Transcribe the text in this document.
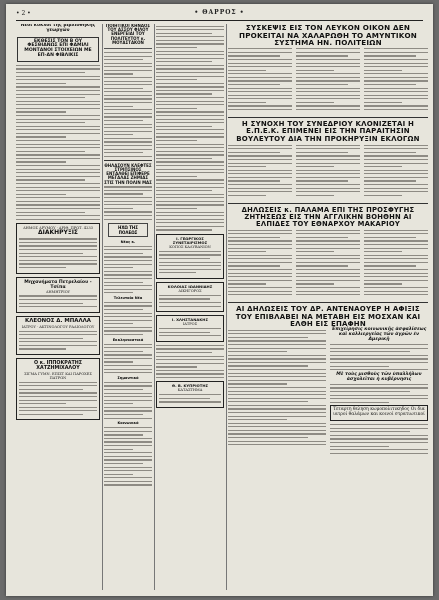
• 2 •	• ΘΑΡΡΟΣ •
Νέοι κύκλοι της βιβλιοθήκης γεωργών
ΕΚΘΕΣΙΣ ΤΟΝ Β ΟΥ ΦΕΣΘΙΑΝΩΣ ΕΠΙ ΦΑΜΙΛΙ ΜΟΝΤΑΝΟΙ ΣΤΟΙΧΕΙΩΝ ΜΕ ΕΠ-ΑΝ ΦΙΒΛΙΚΙΣ
ΔΗΜΟΣ ΔΡΥΜΟΥ · ΑΡΙΘ. ΠΡΩΤ. 4233
ΔΙΑΚΗΡΥΞΙΣ
Μηχανήματα Πετρελαίου - Τσίπα
ΔΗΜΗΤΡΙΟΥ
ΚΛΕΟΝΟΣ Δ. ΜΠΑΛΛΑ
ΙΑΤΡΟΥ · ΑΚΤΙΝΟΛΟΓΟΥ ΡΑΔΙΟΛΟΓΟΥ
Ο κ. ΙΠΠΟΚΡΑΤΗΣ ΧΑΤΖΗΜΙΧΑΛΟΥ
ΣΙΓΜΑ ΓΥΜΝ. ΕΠΙΣΤ ΚΑΙ ΠΑΡΟΧΕΣ ΠΑΤΡΩΝ
ΠΟΙΗΤΙΚΟΙ ΚΗΝΔΟΣ ΤΟΥ ΑΣΣΟΥ ΦΙΛΟΥ ΕΝΕΡΓΕΙΑΙ ΤΟΥ ΠΟΛΙΤΕΥΤΟΥ κ. ΜΟΥΑΣΤΑΚΟΝ
ΘΗΛΑΣΟΥΝ ΚΛΕΦΤΕΣ ΣΤΡΙΠΣΙΝΟΣ ΕΝΤΑΛΘΕΙ ΕΠΙΦΕΡΕ ΜΕΓΑΛΑΣ ΖΗΜΙΑΣ ΣΤΙΣ ΤΗΝ ΠΟΛΙΝ ΜΑΣ
ΗΧΩ ΤΗΣ ΠΟΛΕΩΣ
Νέος κ.
Τελευταία Νέα
Εκκλησιαστικά
Σημαντικά
Κοινωνικά
Ι. ΓΕΩΡΓΙΚΟΣ ΣΥΝΕΤΑΙΡΙΣΜΟΣ
ΚΟΠΟΣ ΚΑΛΥΒΑΝΙΩΝ
ΚΟΛΟΙΑΣ ΙΩΑΝΝΙΔΗΣ
ΔΙΚΗΓΟΡΟΣ
Ι. ΧΛΗΣΤΑΝΑΚΗΣ
ΙΑΤΡΟΣ
Θ. Β. ΚΥΠΡΙΟΤΗΣ
ΚΑΤΑΣΤΗΜΑ
ΣΥΣΚΕΨΙΣ ΕΙΣ ΤΟΝ ΛΕΥΚΟΝ ΟΙΚΟΝ ΔΕΝ ΠΡΟΚΕΙΤΑΙ ΝΑ ΧΑΛΑΡΩΘΗ ΤΟ ΑΜΥΝΤΙΚΟΝ ΣΥΣΤΗΜΑ ΗΝ. ΠΟΛΙΤΕΙΩΝ
Η ΣΥΝΟΧΗ ΤΟΥ ΣΥΝΕΔΡΙΟΥ ΚΛΟΝΙΖΕΤΑΙ Η Ε.Π.Ε.Κ. ΕΠΙΜΕΝΕΙ ΕΙΣ ΤΗΝ ΠΑΡΑΙΤΗΣΙΝ ΒΟΥΛΕΥΤΟΥ ΔΙΑ ΤΗΝ ΠΡΟΚΗΡΥΞΙΝ ΕΚΛΟΓΩΝ
ΔΗΛΩΣΕΙΣ κ. ΠΑΛΑΜΑ ΕΠΙ ΤΗΣ ΠΡΟΣΦΥΓΗΣ ΖΗΤΗΣΕΩΣ ΕΙΣ ΤΗΝ ΑΓΓΛΙΚΗΝ ΒΟΗΘΗΝ ΑΙ ΕΛΠΙΔΕΣ ΤΟΥ ΕΘΝΑΡΧΟΥ ΜΑΚΑΡΙΟΥ
ΑΙ ΔΗΛΩΣΕΙΣ ΤΟΥ ΔΡ. ΑΝΤΕΝΑΟΥΕΡ Η ΑΦΙΞΙΣ ΤΟΥ ΕΠΙΒΛΑΒΕΙ ΝΑ ΜΕΤΑΒΗ ΕΙΣ ΜΟΣΧΑΝ ΚΑΙ ΕΛΘΗ ΕΙΣ ΕΠΑΦΗΝ
Ἐπιχείρησις κοινωνικῆς ἀσφαλίσεως καὶ καλλιεργείας τῶν ἀγρῶν ἐν Αμερικῇ
Μὲ τοὺς μισθοὺς τῶν ὑπαλλήλων ἀσχολεῖται ἡ κυβέρνησις
Τεταρτη θεληση κωμοπολιτικηδος Οι δια ιατροί θαλάμων και κοινοί στρατιωτικοί
